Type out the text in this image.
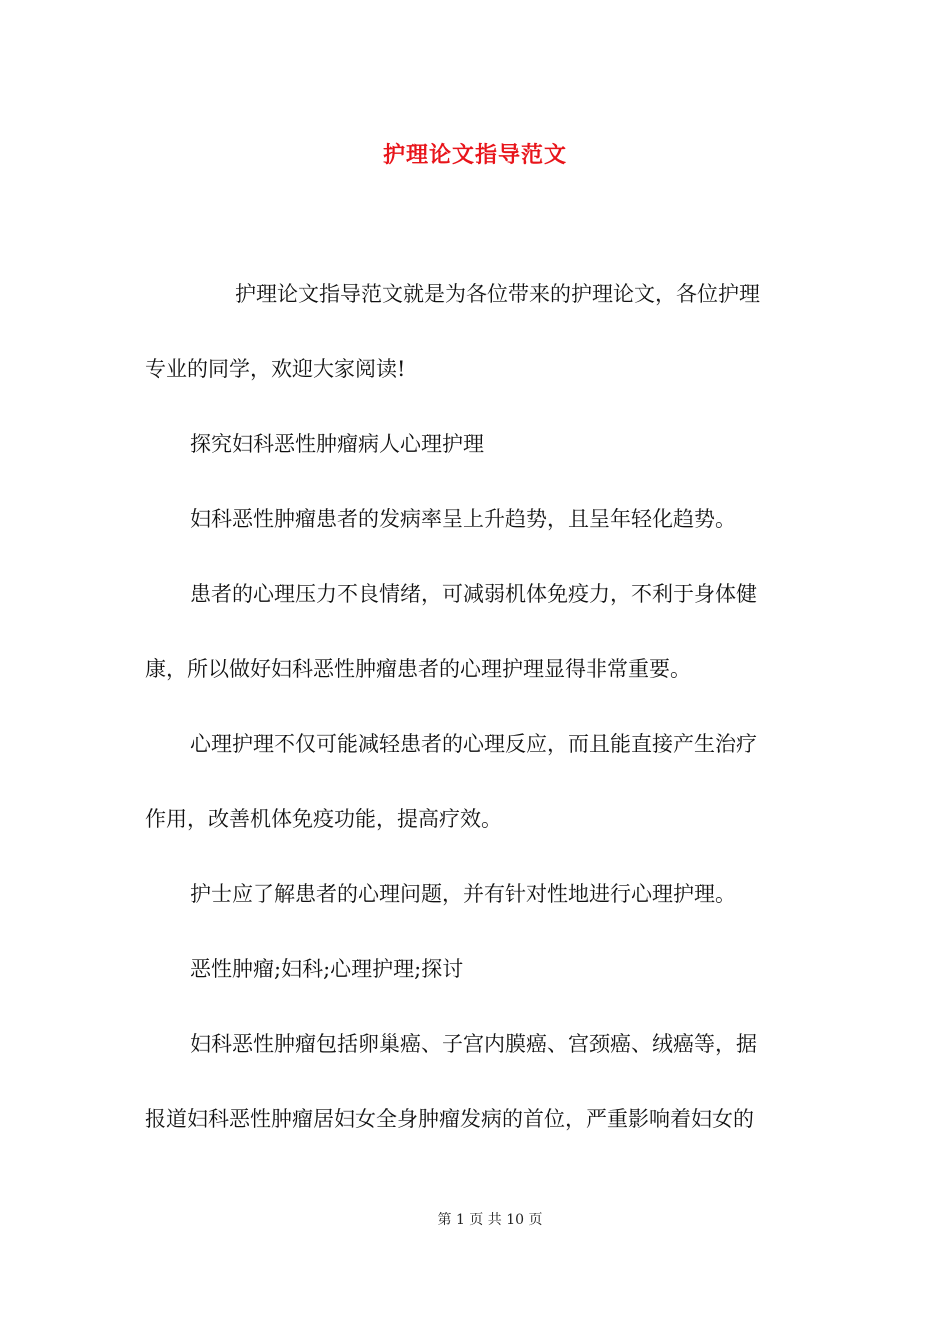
护理论文指导范文
护理论文指导范文就是为各位带来的护理论文，各位护理
专业的同学，欢迎大家阅读!
探究妇科恶性肿瘤病人心理护理
妇科恶性肿瘤患者的发病率呈上升趋势，且呈年轻化趋势。
患者的心理压力不良情绪，可减弱机体免疫力，不利于身体健
康，所以做好妇科恶性肿瘤患者的心理护理显得非常重要。
心理护理不仅可能减轻患者的心理反应，而且能直接产生治疗
作用，改善机体免疫功能，提高疗效。
护士应了解患者的心理问题，并有针对性地进行心理护理。
恶性肿瘤;妇科;心理护理;探讨
妇科恶性肿瘤包括卵巢癌、子宫内膜癌、宫颈癌、绒癌等，据
报道妇科恶性肿瘤居妇女全身肿瘤发病的首位，严重影响着妇女的
第 1 页 共 10 页
